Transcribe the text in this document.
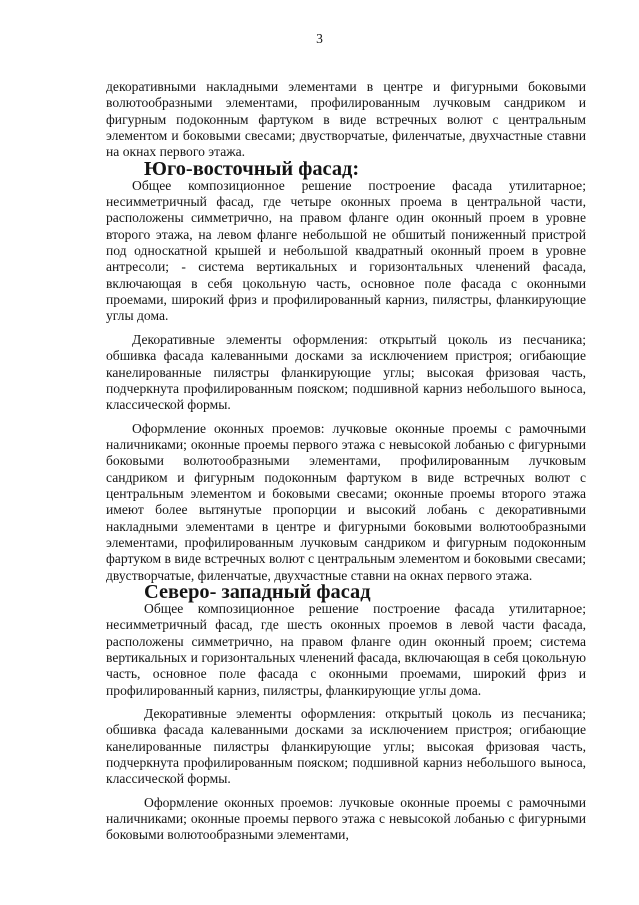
3

декоративными накладными элементами в центре и фигурными боковыми волютообразными элементами, профилированным лучковым сандриком и фигурным подоконным фартуком в виде встречных волют с центральным элементом и боковыми свесами; двустворчатые, филенчатые, двухчастные ставни на окнах первого этажа.

Юго-восточный фасад:

Общее композиционное решение построение фасада утилитарное; несимметричный фасад, где четыре оконных проема в центральной части, расположены симметрично, на правом фланге один оконный проем в уровне второго этажа, на левом фланге небольшой не обшитый пониженный пристрой под односкатной крышей и небольшой квадратный оконный проем в уровне антресоли; - система вертикальных и горизонтальных членений фасада, включающая в себя цокольную часть, основное поле фасада с оконными проемами, широкий фриз и профилированный карниз, пилястры, фланкирующие углы дома.

Декоративные элементы оформления: открытый цоколь из песчаника; обшивка фасада калеванными досками за исключением пристроя; огибающие канелированные пилястры фланкирующие углы; высокая фризовая часть, подчеркнута профилированным пояском; подшивной карниз небольшого выноса, классической формы.

Оформление оконных проемов: лучковые оконные проемы с рамочными наличниками; оконные проемы первого этажа с невысокой лобанью с фигурными боковыми волютообразными элементами, профилированным лучковым сандриком и фигурным подоконным фартуком в виде встречных волют с центральным элементом и боковыми свесами; оконные проемы второго этажа имеют более вытянутые пропорции и высокий лобань с декоративными накладными элементами в центре и фигурными боковыми волютообразными элементами, профилированным лучковым сандриком и фигурным подоконным фартуком в виде встречных волют с центральным элементом и боковыми свесами; двустворчатые, филенчатые, двухчастные ставни на окнах первого этажа.

Северо- западный фасад

Общее композиционное решение построение фасада утилитарное; несимметричный фасад, где шесть оконных проемов в левой части фасада, расположены симметрично, на правом фланге один оконный проем; система вертикальных и горизонтальных членений фасада, включающая в себя цокольную часть, основное поле фасада с оконными проемами, широкий фриз и профилированный карниз, пилястры, фланкирующие углы дома.

Декоративные элементы оформления: открытый цоколь из песчаника; обшивка фасада калеванными досками за исключением пристроя; огибающие канелированные пилястры фланкирующие углы; высокая фризовая часть, подчеркнута профилированным пояском; подшивной карниз небольшого выноса, классической формы.

Оформление оконных проемов: лучковые оконные проемы с рамочными наличниками; оконные проемы первого этажа с невысокой лобанью с фигурными боковыми волютообразными элементами,
